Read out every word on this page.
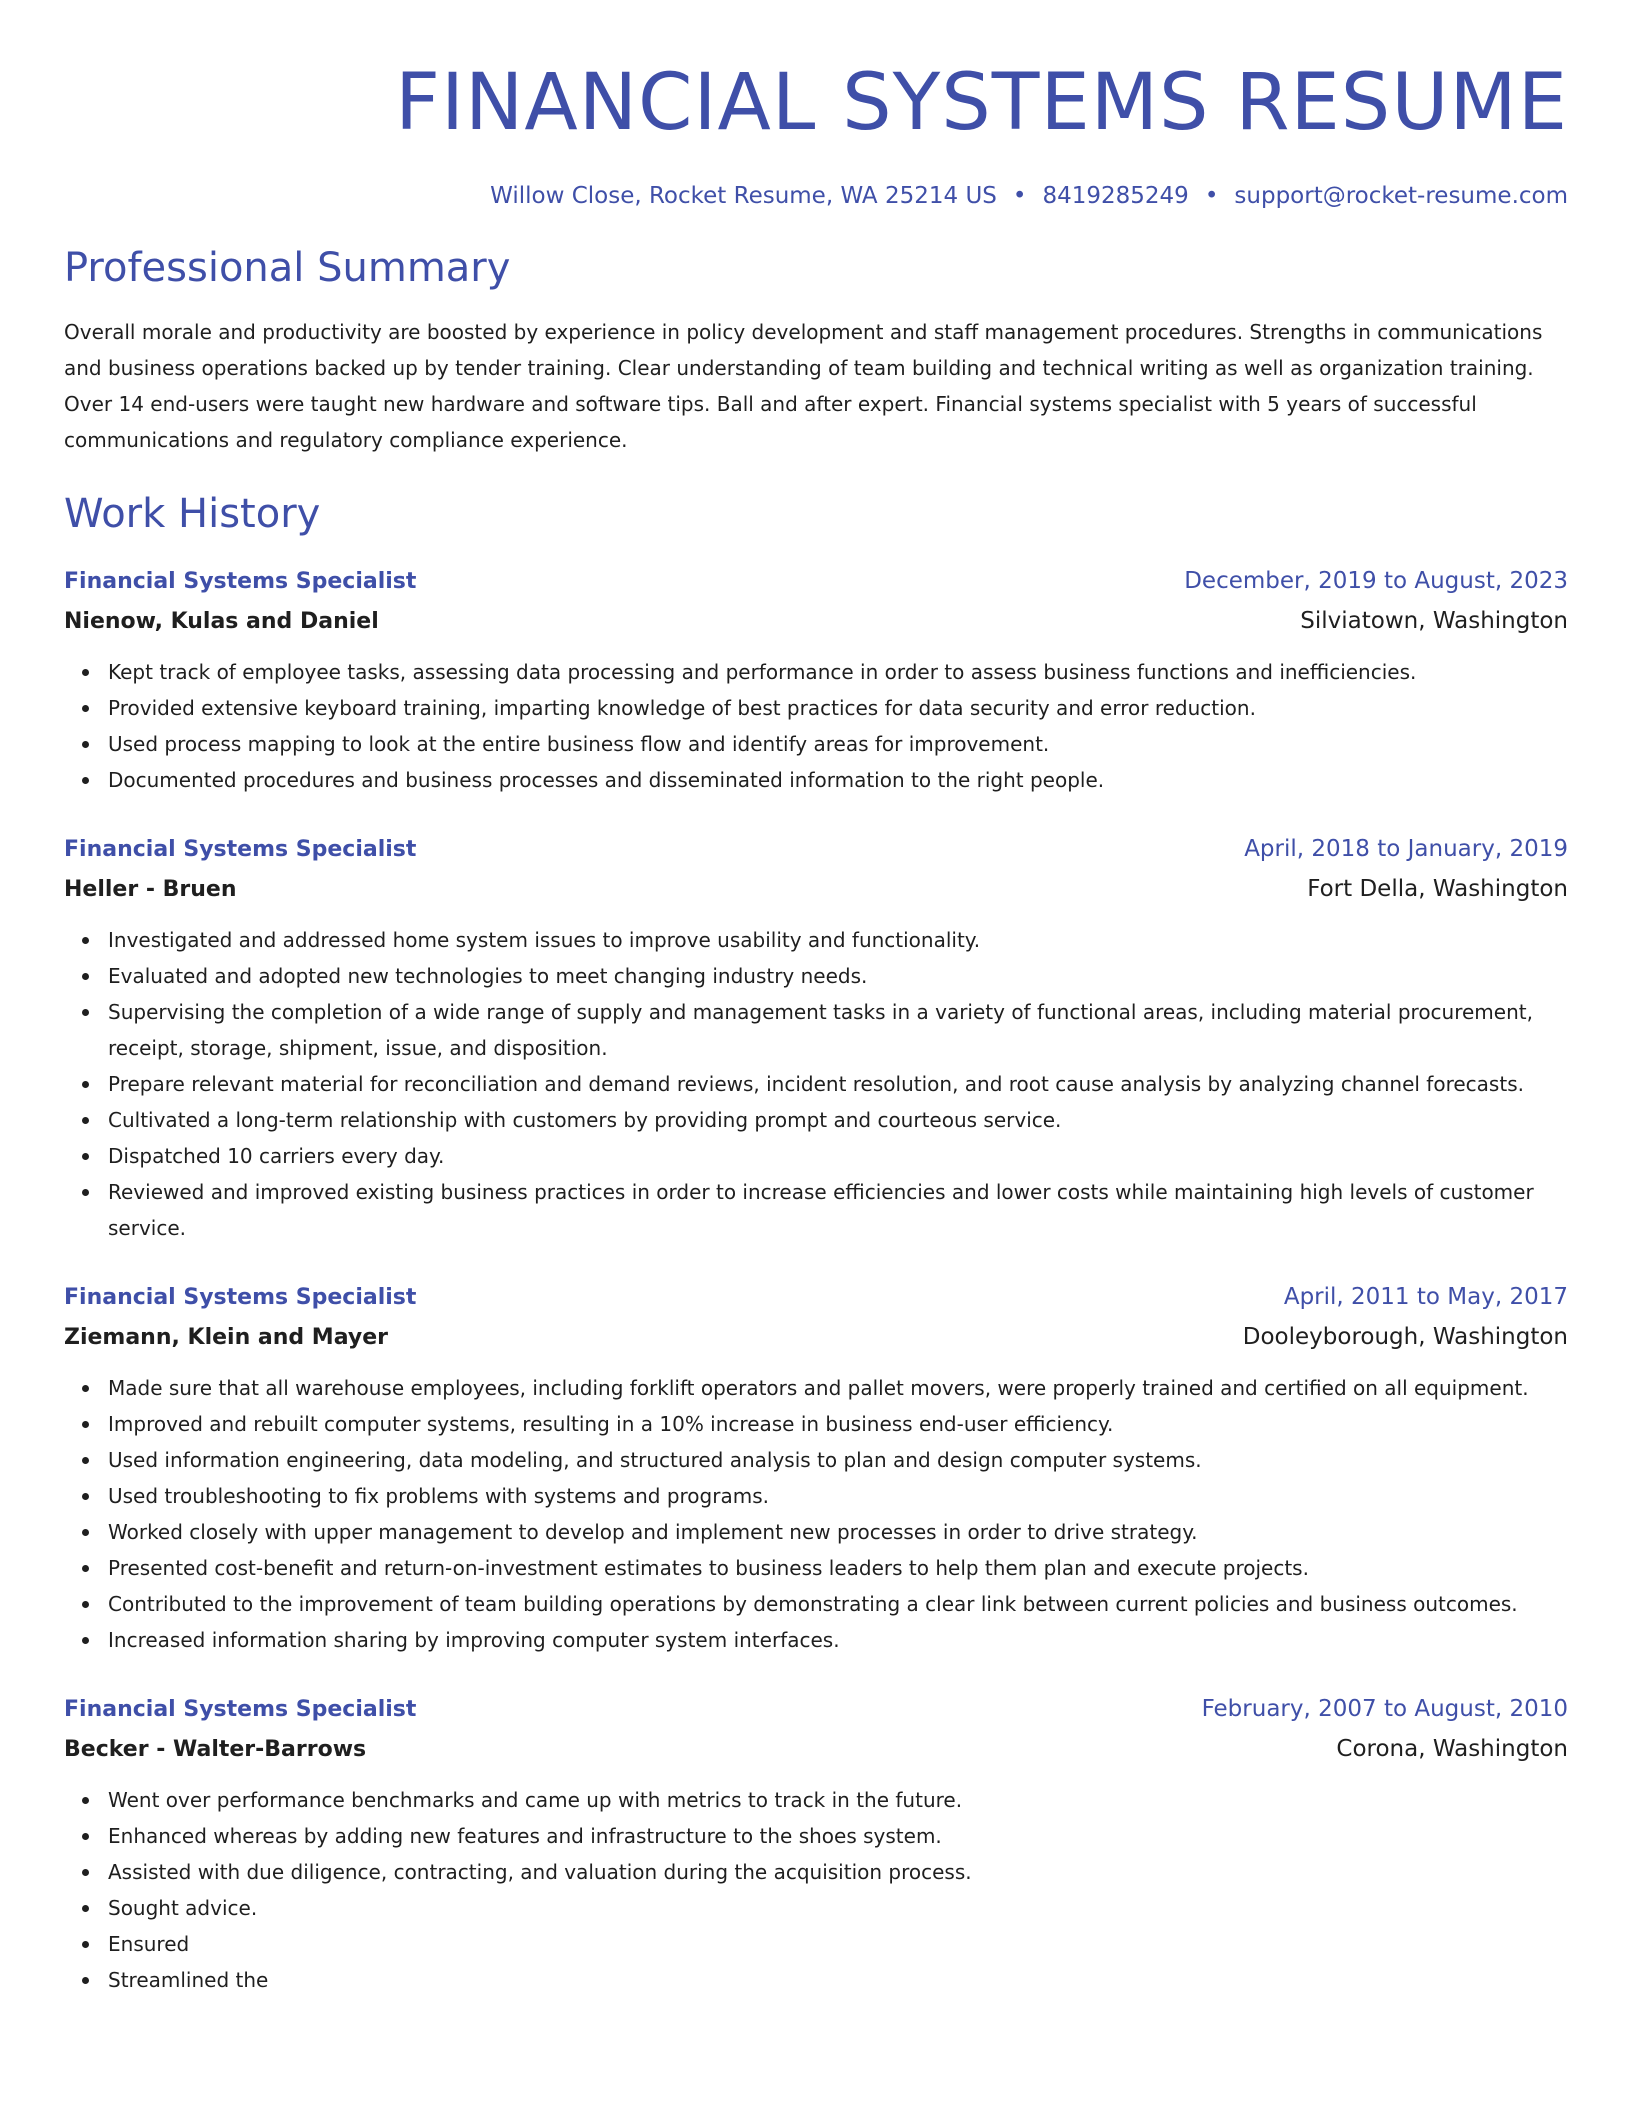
FINANCIAL SYSTEMS RESUME
Willow Close, Rocket Resume, WA 25214 US • 8419285249 • support@rocket-resume.com
Professional Summary

Overall morale and productivity are boosted by experience in policy development and staff management procedures. Strengths in communications and business operations backed up by tender training. Clear understanding of team building and technical writing as well as organization training. Over 14 end-users were taught new hardware and software tips. Ball and after expert. Financial systems specialist with 5 years of successful communications and regulatory compliance experience.

Work History
Financial Systems Specialist	December, 2019 to August, 2023
Nienow, Kulas and Daniel	Silviatown, Washington
Kept track of employee tasks, assessing data processing and performance in order to assess business functions and inefficiencies.
Provided extensive keyboard training, imparting knowledge of best practices for data security and error reduction.
Used process mapping to look at the entire business flow and identify areas for improvement.
Documented procedures and business processes and disseminated information to the right people.
Financial Systems Specialist	April, 2018 to January, 2019
Heller - Bruen	Fort Della, Washington
Investigated and addressed home system issues to improve usability and functionality.
Evaluated and adopted new technologies to meet changing industry needs.
Supervising the completion of a wide range of supply and management tasks in a variety of functional areas, including material procurement, receipt, storage, shipment, issue, and disposition.
Prepare relevant material for reconciliation and demand reviews, incident resolution, and root cause analysis by analyzing channel forecasts.
Cultivated a long-term relationship with customers by providing prompt and courteous service.
Dispatched 10 carriers every day.
Reviewed and improved existing business practices in order to increase efficiencies and lower costs while maintaining high levels of customer service.
Financial Systems Specialist	April, 2011 to May, 2017
Ziemann, Klein and Mayer	Dooleyborough, Washington
Made sure that all warehouse employees, including forklift operators and pallet movers, were properly trained and certified on all equipment.
Improved and rebuilt computer systems, resulting in a 10% increase in business end-user efficiency.
Used information engineering, data modeling, and structured analysis to plan and design computer systems.
Used troubleshooting to fix problems with systems and programs.
Worked closely with upper management to develop and implement new processes in order to drive strategy.
Presented cost-benefit and return-on-investment estimates to business leaders to help them plan and execute projects.
Contributed to the improvement of team building operations by demonstrating a clear link between current policies and business outcomes.
Increased information sharing by improving computer system interfaces.
Financial Systems Specialist	February, 2007 to August, 2010
Becker - Walter-Barrows	Corona, Washington
Went over performance benchmarks and came up with metrics to track in the future.
Enhanced whereas by adding new features and infrastructure to the shoes system.
Assisted with due diligence, contracting, and valuation during the acquisition process.
Sought advice.
Ensured
Streamlined the
